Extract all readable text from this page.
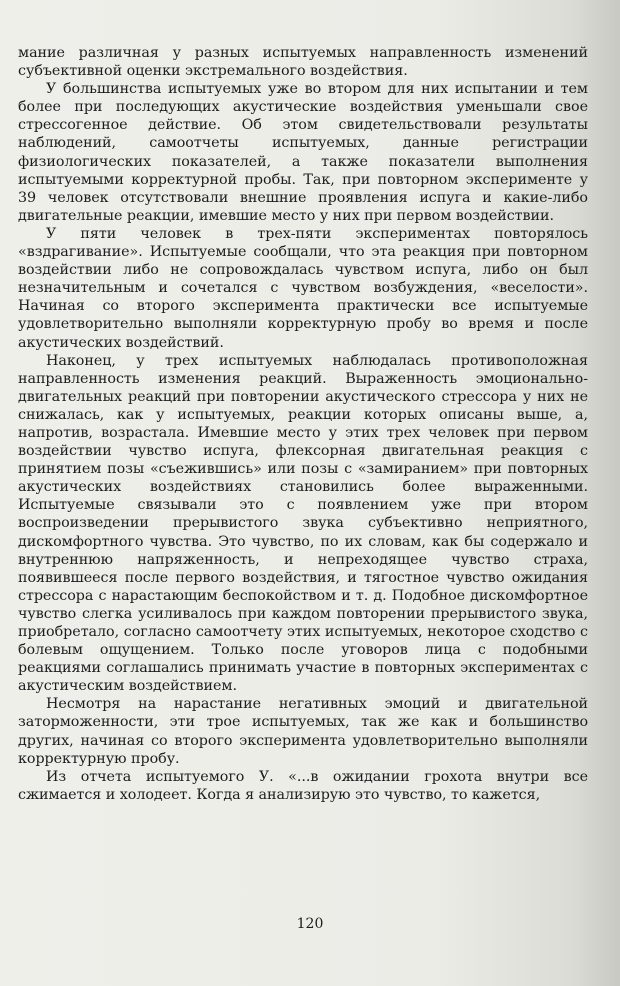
мание различная у разных испытуемых направленность изменений субъективной оценки экстремального воздействия.

У большинства испытуемых уже во втором для них испытании и тем более при последующих акустические воздействия уменьшали свое стрессогенное действие. Об этом свидетельствовали результаты наблюдений, самоотчеты испытуемых, данные регистрации физиологических показателей, а также показатели выполнения испытуемыми корректурной пробы. Так, при повторном эксперименте у 39 человек отсутствовали внешние проявления испуга и какие-либо двигательные реакции, имевшие место у них при первом воздействии.

У пяти человек в трех-пяти экспериментах повторялось «вздрагивание». Испытуемые сообщали, что эта реакция при повторном воздействии либо не сопровождалась чувством испуга, либо он был незначительным и сочетался с чувством возбуждения, «веселости». Начиная со второго эксперимента практически все испытуемые удовлетворительно выполняли корректурную пробу во время и после акустических воздействий.

Наконец, у трех испытуемых наблюдалась противоположная направленность изменения реакций. Выраженность эмоционально-двигательных реакций при повторении акустического стрессора у них не снижалась, как у испытуемых, реакции которых описаны выше, а, напротив, возрастала. Имевшие место у этих трех человек при первом воздействии чувство испуга, флексорная двигательная реакция с принятием позы «съежившись» или позы с «замиранием» при повторных акустических воздействиях становились более выраженными. Испытуемые связывали это с появлением уже при втором воспроизведении прерывистого звука субъективно неприятного, дискомфортного чувства. Это чувство, по их словам, как бы содержало и внутреннюю напряженность, и непреходящее чувство страха, появившееся после первого воздействия, и тягостное чувство ожидания стрессора с нарастающим беспокойством и т. д. Подобное дискомфортное чувство слегка усиливалось при каждом повторении прерывистого звука, приобретало, согласно самоотчету этих испытуемых, некоторое сходство с болевым ощущением. Только после уговоров лица с подобными реакциями соглашались принимать участие в повторных экспериментах с акустическим воздействием.

Несмотря на нарастание негативных эмоций и двигательной заторможенности, эти трое испытуемых, так же как и большинство других, начиная со второго эксперимента удовлетворительно выполняли корректурную пробу.

Из отчета испытуемого У. «...в ожидании грохота внутри все сжимается и холодеет. Когда я анализирую это чувство, то кажется,

120
